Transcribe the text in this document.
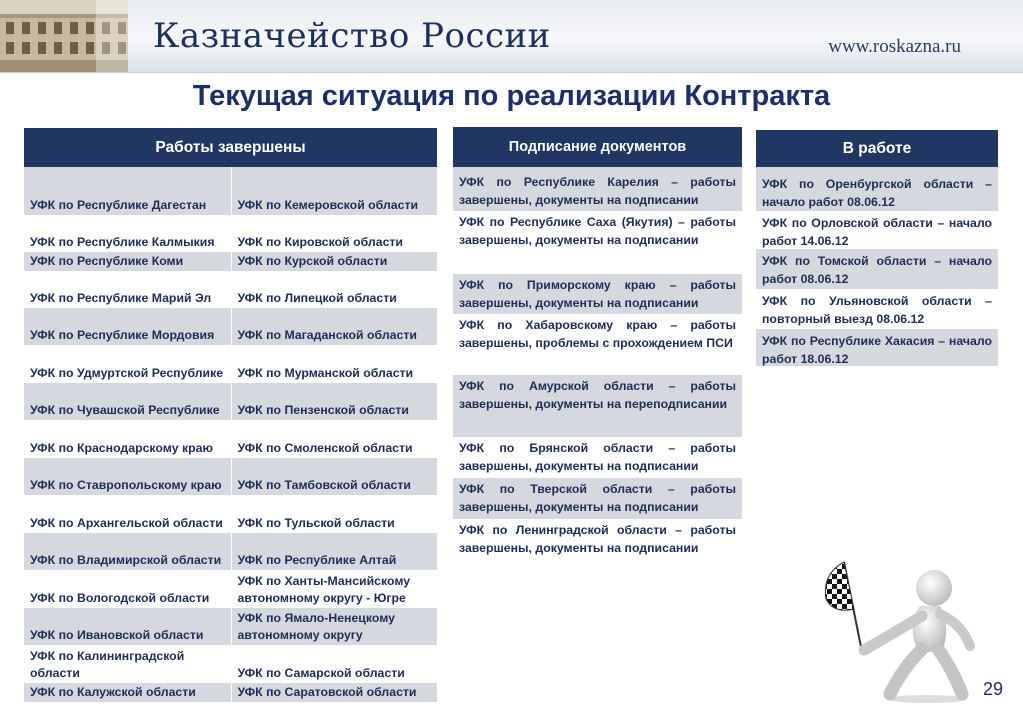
Казначейство России	www.roskazna.ru
Текущая ситуация по реализации Контракта
Работы завершены
УФК по Республике Дагестан	УФК по Кемеровской области
УФК по Республике Калмыкия	УФК по Кировской области
УФК по Республике Коми	УФК по Курской области
УФК по Республике Марий Эл	УФК по Липецкой области
УФК по Республике Мордовия	УФК по Магаданской области
УФК по Удмуртской Республике	УФК по Мурманской области
УФК по Чувашской Республике	УФК по Пензенской области
УФК по Краснодарскому краю	УФК по Смоленской области
УФК по Ставропольскому краю	УФК по Тамбовской области
УФК по Архангельской области	УФК по Тульской области
УФК по Владимирской области	УФК по Республике Алтай
УФК по Вологодской области	УФК по Ханты-Мансийскому автономному округу - Югре
УФК по Ивановской области	УФК по Ямало-Ненецкому автономному округу
УФК по Калининградской области	УФК по Самарской области
УФК по Калужской области	УФК по Саратовской области
Подписание документов
УФК по Республике Карелия – работы завершены, документы на подписании
УФК по Республике Саха (Якутия) – работы завершены, документы на подписании
УФК по Приморскому краю – работы завершены, документы на подписании
УФК по Хабаровскому краю – работы завершены, проблемы с прохождением ПСИ
УФК по Амурской области – работы завершены, документы на переподписании
УФК по Брянской области – работы завершены, документы на подписании
УФК по Тверской области – работы завершены, документы на подписании
УФК по Ленинградской области – работы завершены, документы на подписании
В работе
УФК по Оренбургской области – начало работ 08.06.12
УФК по Орловской области – начало работ 14.06.12
УФК по Томской области – начало работ 08.06.12
УФК по Ульяновской области – повторный выезд 08.06.12
УФК по Республике Хакасия – начало работ 18.06.12
29
